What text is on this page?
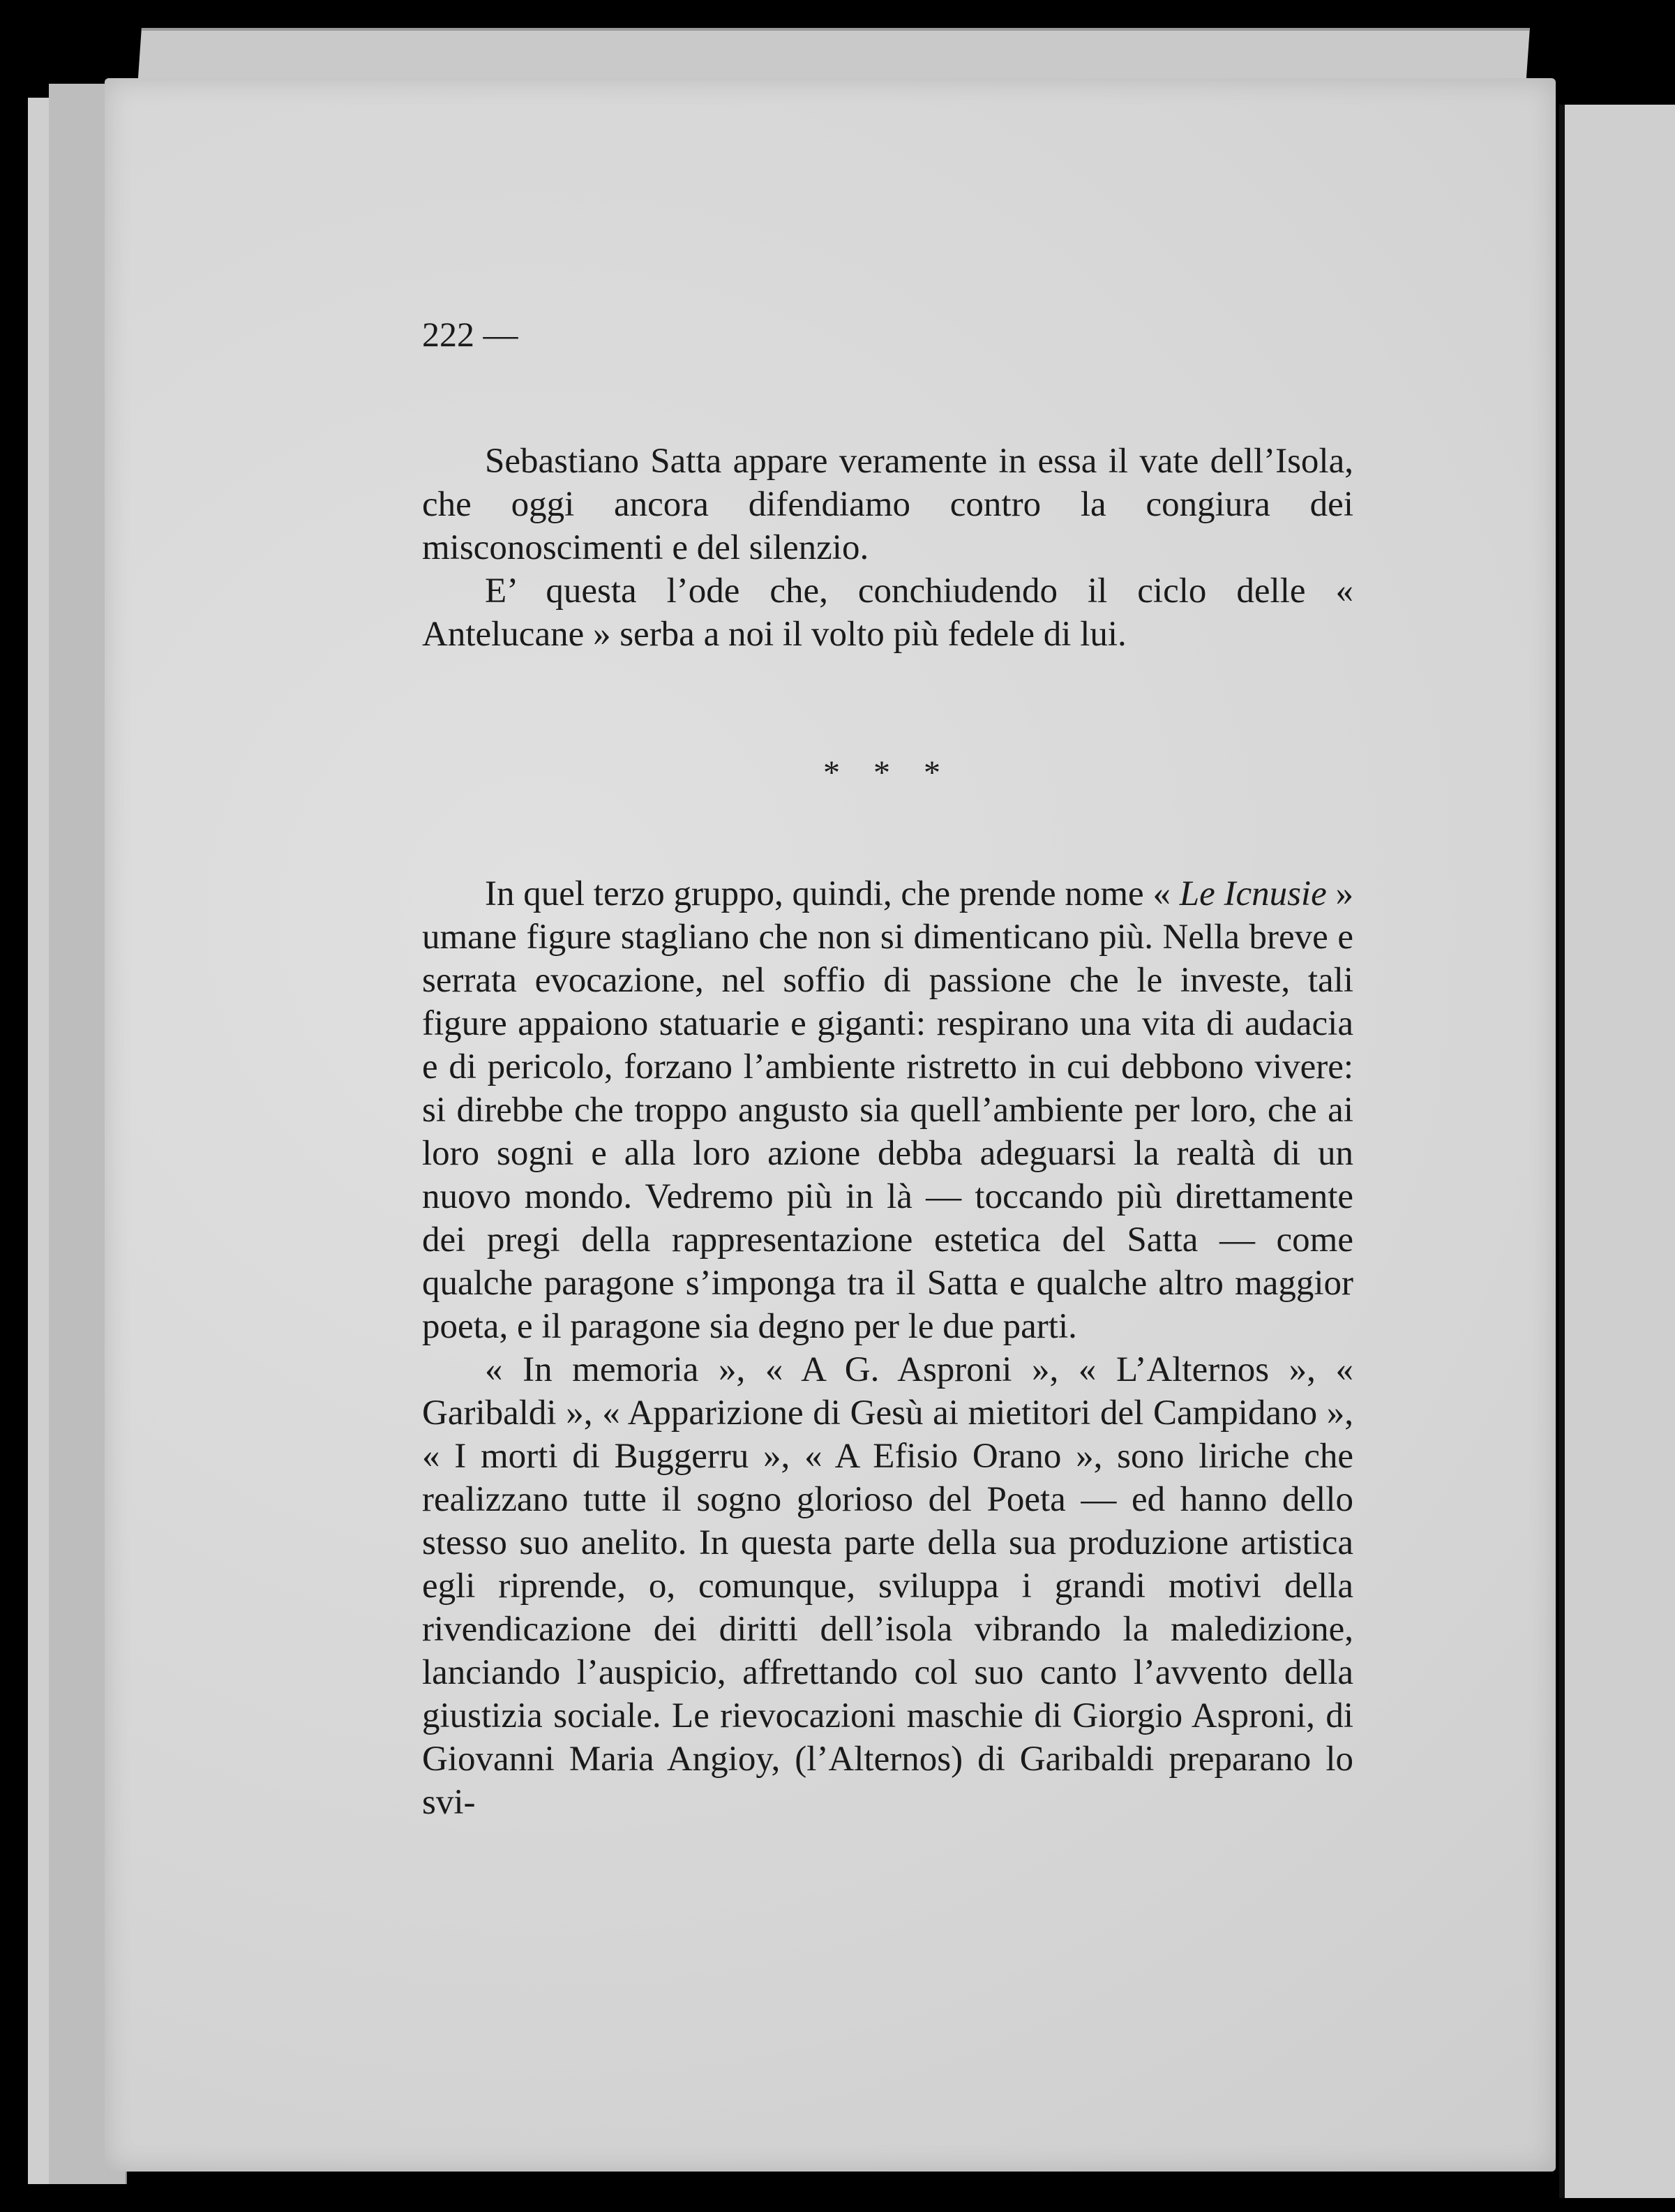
222 —

Sebastiano Satta appare veramente in essa il vate dell’Isola, che oggi ancora difendiamo contro la congiura dei misconoscimenti e del silenzio.

E’ questa l’ode che, conchiudendo il ciclo delle « Antelucane » serba a noi il volto più fedele di lui.

* * *

In quel terzo gruppo, quindi, che prende nome « Le Icnusie » umane figure stagliano che non si dimenticano più. Nella breve e serrata evocazione, nel soffio di passione che le investe, tali figure appaiono statuarie e giganti: respirano una vita di audacia e di pericolo, forzano l’ambiente ristretto in cui debbono vivere: si direbbe che troppo angusto sia quell’ambiente per loro, che ai loro sogni e alla loro azione debba adeguarsi la realtà di un nuovo mondo. Vedremo più in là — toccando più direttamente dei pregi della rappresentazione estetica del Satta — come qualche paragone s’imponga tra il Satta e qualche altro maggior poeta, e il paragone sia degno per le due parti.

« In memoria », « A G. Asproni », « L’Alternos », « Garibaldi », « Apparizione di Gesù ai mietitori del Campidano », « I morti di Buggerru », « A Efisio Orano », sono liriche che realizzano tutte il sogno glorioso del Poeta — ed hanno dello stesso suo anelito. In questa parte della sua produzione artistica egli riprende, o, comunque, sviluppa i grandi motivi della rivendicazione dei diritti dell’isola vibrando la maledizione, lanciando l’auspicio, affrettando col suo canto l’avvento della giustizia sociale. Le rievocazioni maschie di Giorgio Asproni, di Giovanni Maria Angioy, (l’Alternos) di Garibaldi preparano lo svi-
